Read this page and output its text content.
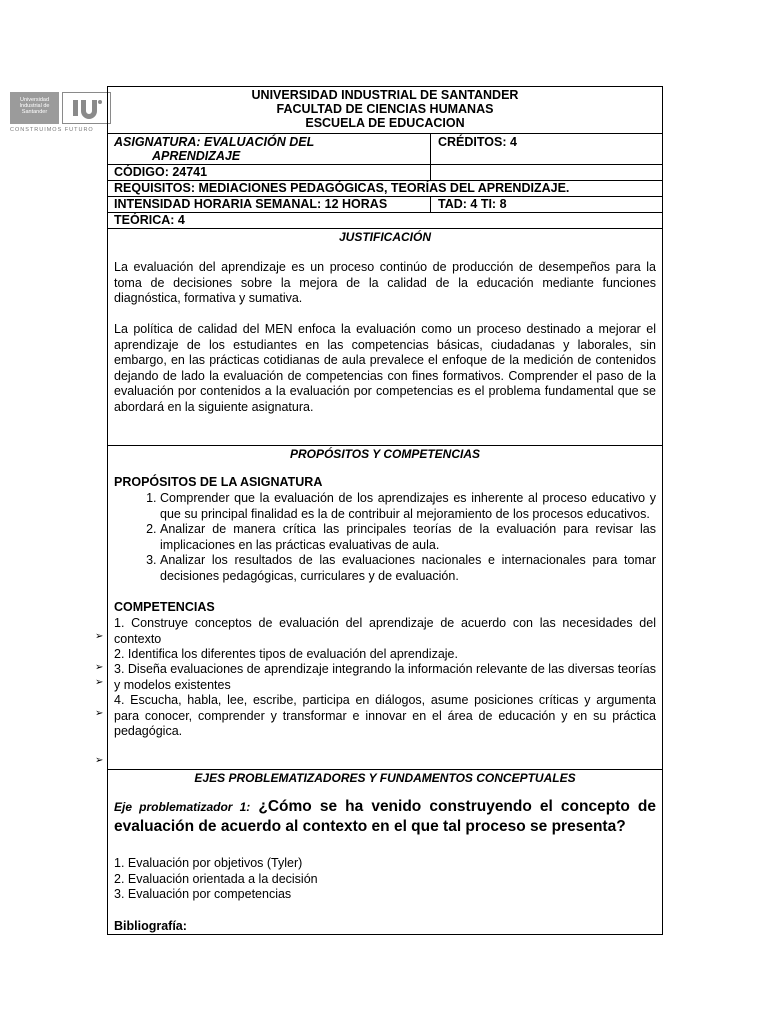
Universidad
Industrial de
Santander
CONSTRUIMOS FUTURO
UNIVERSIDAD INDUSTRIAL DE SANTANDER
FACULTAD DE CIENCIAS HUMANAS
ESCUELA DE EDUCACION
ASIGNATURA: EVALUACIÓN DEL
APRENDIZAJE
CRÉDITOS: 4
CÓDIGO: 24741
REQUISITOS: MEDIACIONES PEDAGÓGICAS, TEORÍAS DEL APRENDIZAJE.
INTENSIDAD HORARIA SEMANAL: 12 HORAS	TAD: 4 TI: 8
TEÓRICA: 4
JUSTIFICACIÓN
La evaluación del aprendizaje es un proceso continúo de producción de desempeños para la toma de decisiones sobre la mejora de la calidad de la educación mediante funciones diagnóstica, formativa y sumativa.
La política de calidad del MEN enfoca la evaluación como un proceso destinado a mejorar el aprendizaje de los estudiantes en las competencias básicas, ciudadanas y laborales, sin embargo, en las prácticas cotidianas de aula prevalece el enfoque de la medición de contenidos dejando de lado la evaluación de competencias con fines formativos. Comprender el paso de la evaluación por contenidos a la evaluación por competencias es el problema fundamental que se abordará en la siguiente asignatura.
PROPÓSITOS Y COMPETENCIAS
PROPÓSITOS DE LA ASIGNATURA
1. Comprender que la evaluación de los aprendizajes es inherente al proceso educativo y que su principal finalidad es la de contribuir al mejoramiento de los procesos educativos.
2. Analizar de manera crítica las principales teorías de la evaluación para revisar las implicaciones en las prácticas evaluativas de aula.
3. Analizar los resultados de las evaluaciones nacionales e internacionales para tomar decisiones pedagógicas, curriculares y de evaluación.
COMPETENCIAS
1. Construye conceptos de evaluación del aprendizaje de acuerdo con las necesidades del contexto
2. Identifica los diferentes tipos de evaluación del aprendizaje.
3. Diseña evaluaciones de aprendizaje integrando la información relevante de las diversas teorías y modelos existentes
4. Escucha, habla, lee, escribe, participa en diálogos, asume posiciones críticas y argumenta para conocer, comprender y transformar e innovar en el área de educación y en su práctica pedagógica.
EJES PROBLEMATIZADORES Y FUNDAMENTOS CONCEPTUALES
Eje problematizador 1: ¿Cómo se ha venido construyendo el concepto de evaluación de acuerdo al contexto en el que tal proceso se presenta?
1. Evaluación por objetivos (Tyler)
2. Evaluación orientada a la decisión
3. Evaluación por competencias
Bibliografía:
➢
➢
➢
➢
➢
